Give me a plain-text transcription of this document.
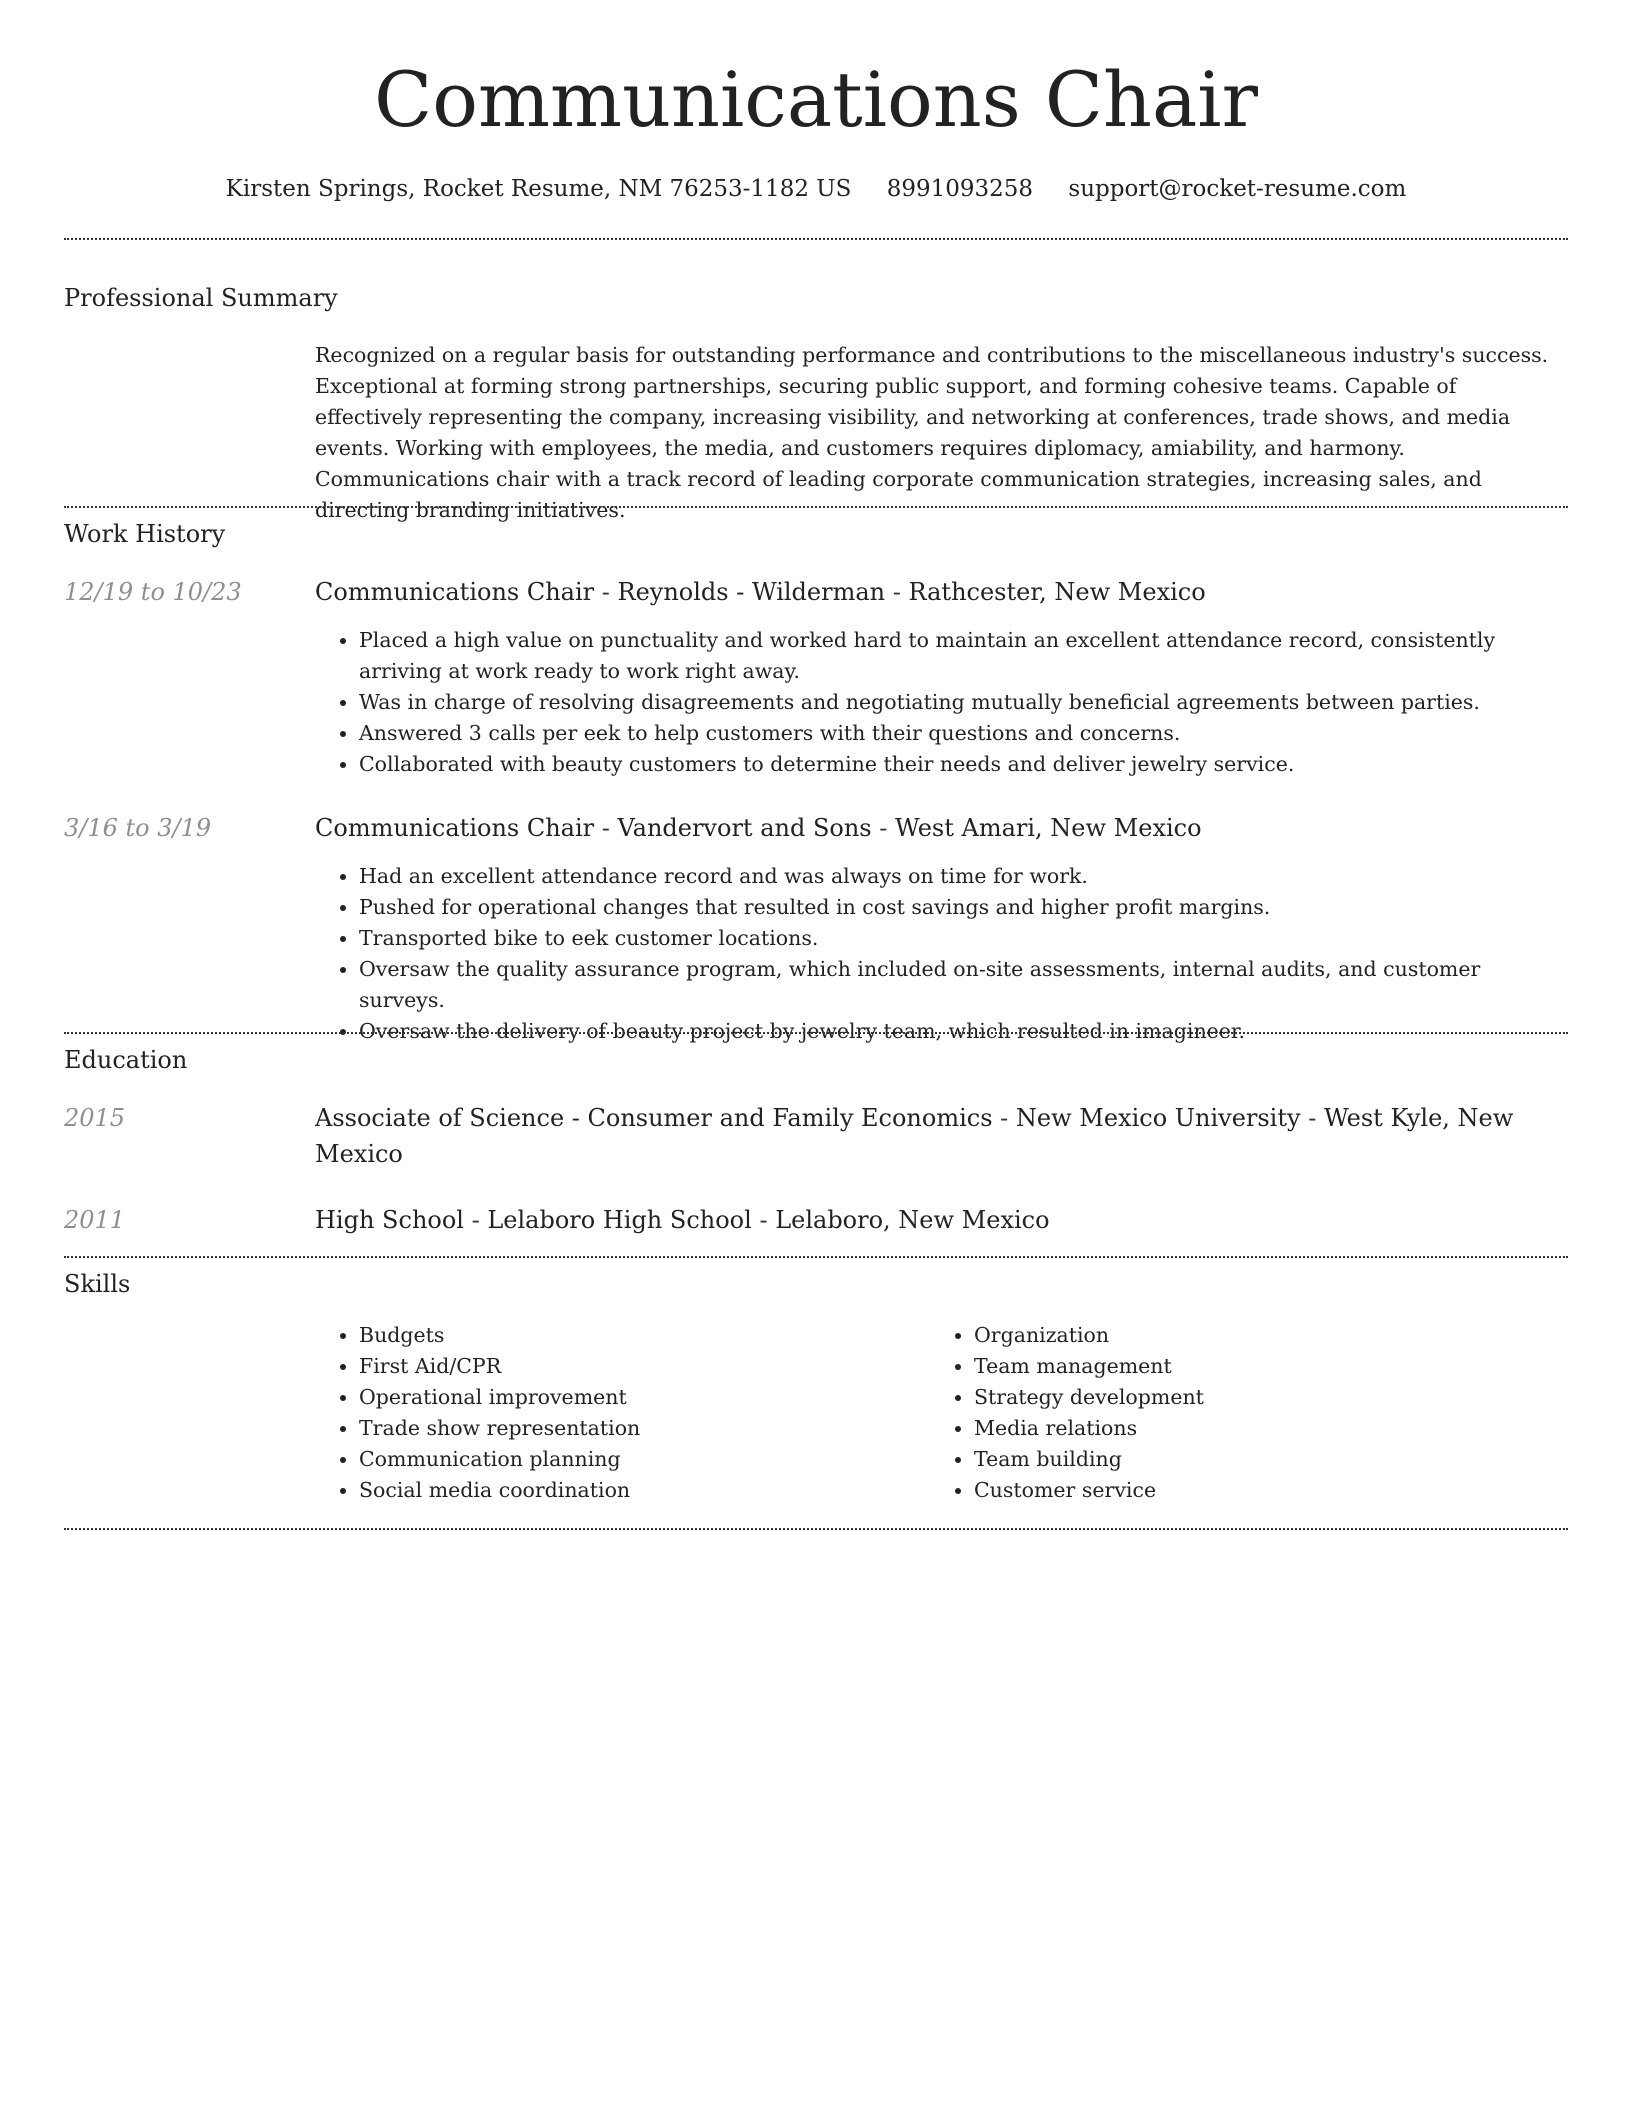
Communications Chair
Kirsten Springs, Rocket Resume, NM 76253-1182 US 8991093258 support@rocket-resume.com
Professional Summary

Recognized on a regular basis for outstanding performance and contributions to the miscellaneous industry's success. Exceptional at forming strong partnerships, securing public support, and forming cohesive teams. Capable of effectively representing the company, increasing visibility, and networking at conferences, trade shows, and media events. Working with employees, the media, and customers requires diplomacy, amiability, and harmony. Communications chair with a track record of leading corporate communication strategies, increasing sales, and directing branding initiatives.

Work History
12/19 to 10/23	Communications Chair - Reynolds - Wilderman - Rathcester, New Mexico
• Placed a high value on punctuality and worked hard to maintain an excellent attendance record, consistently arriving at work ready to work right away.
• Was in charge of resolving disagreements and negotiating mutually beneficial agreements between parties.
• Answered 3 calls per eek to help customers with their questions and concerns.
• Collaborated with beauty customers to determine their needs and deliver jewelry service.
3/16 to 3/19	Communications Chair - Vandervort and Sons - West Amari, New Mexico
• Had an excellent attendance record and was always on time for work.
• Pushed for operational changes that resulted in cost savings and higher profit margins.
• Transported bike to eek customer locations.
• Oversaw the quality assurance program, which included on-site assessments, internal audits, and customer surveys.
• Oversaw the delivery of beauty project by jewelry team, which resulted in imagineer.
Education
2015	Associate of Science - Consumer and Family Economics - New Mexico University - West Kyle, New Mexico
2011	High School - Lelaboro High School - Lelaboro, New Mexico
Skills
• Budgets
• First Aid/CPR
• Operational improvement
• Trade show representation
• Communication planning
• Social media coordination
• Organization
• Team management
• Strategy development
• Media relations
• Team building
• Customer service
